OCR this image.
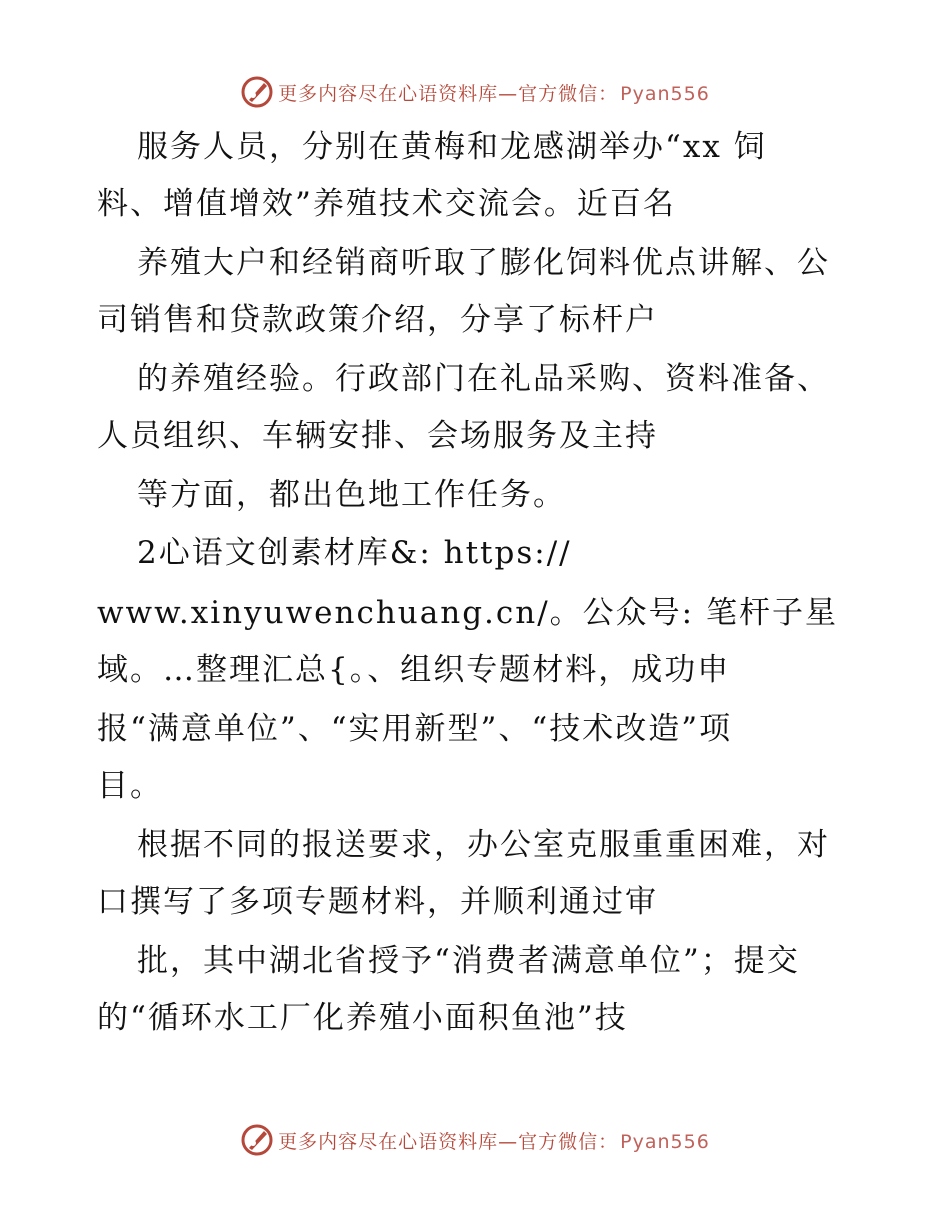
更多内容尽在心语资料库—官方微信： Pyan556
服务人员，分别在黄梅和龙感湖举办“xx 饲
料、增值增效”养殖技术交流会。近百名
养殖大户和经销商听取了膨化饲料优点讲解、公
司销售和贷款政策介绍，分享了标杆户
的养殖经验。行政部门在礼品采购、资料准备、
人员组织、车辆安排、会场服务及主持
等方面，都出色地工作任务。
2心语文创素材库&: https://
www.xinyuwenchuang.cn/。公众号: 笔杆子星
域。…整理汇总{。、组织专题材料，成功申
报“满意单位”、“实用新型”、“技术改造”项
目。
根据不同的报送要求，办公室克服重重困难，对
口撰写了多项专题材料，并顺利通过审
批，其中湖北省授予“消费者满意单位”；提交
的“循环水工厂化养殖小面积鱼池”技
更多内容尽在心语资料库—官方微信： Pyan556
